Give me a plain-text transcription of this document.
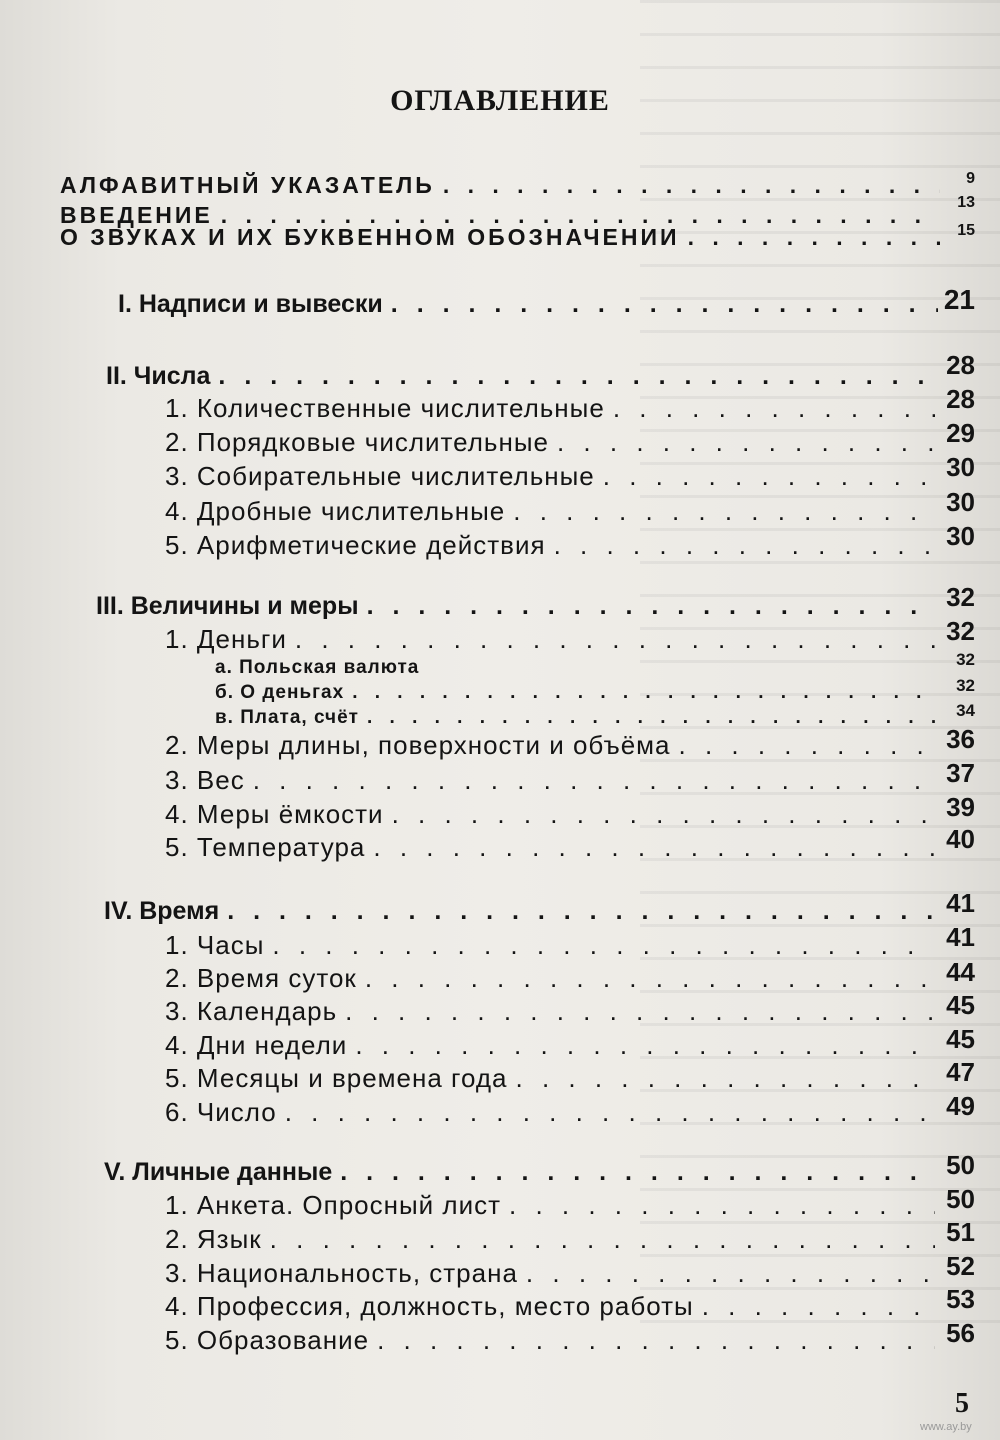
ОГЛАВЛЕНИЕ
АЛФАВИТНЫЙ УКАЗАТЕЛЬ . . .	9
ВВЕДЕНИЕ . . .	13
О ЗВУКАХ И ИХ БУКВЕННОМ ОБОЗНАЧЕНИИ . . .	15
I. Надписи и вывески . . .	21
II. Числа . . .	28
1. Количественные числительные . . .	28
2. Порядковые числительные . . .	29
3. Собирательные числительные . . .	30
4. Дробные числительные . . .	30
5. Арифметические действия . . .	30
III. Величины и меры . . .	32
1. Деньги . . .	32
а. Польская валюта	32
б. О деньгах . . .	32
в. Плата, счёт . . .	34
2. Меры длины, поверхности и объёма . . .	36
3. Вес . . .	37
4. Меры ёмкости . . .	39
5. Температура . . .	40
IV. Время . . .	41
1. Часы . . .	41
2. Время суток . . .	44
3. Календарь . . .	45
4. Дни недели . . .	45
5. Месяцы и времена года . . .	47
6. Число . . .	49
V. Личные данные . . .	50
1. Анкета. Опросный лист . . .	50
2. Язык . . .	51
3. Национальность, страна . . .	52
4. Профессия, должность, место работы . . .	53
5. Образование . . .	56
5
www.ay.by
